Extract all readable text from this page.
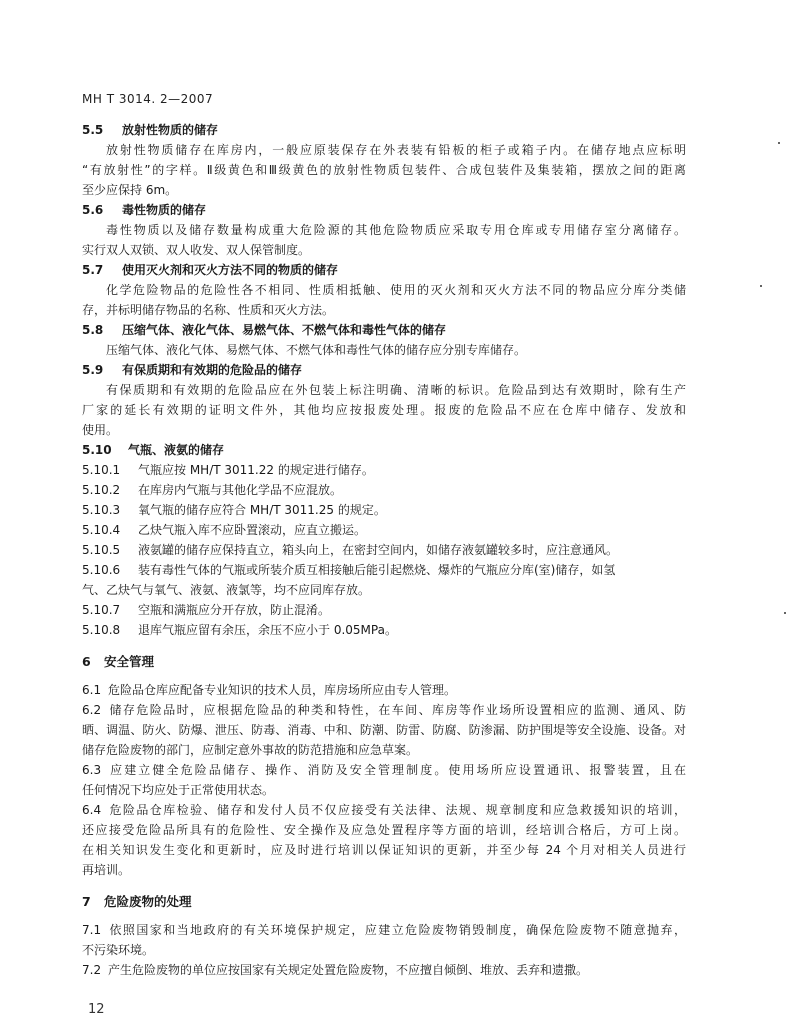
MH T 3014. 2—2007
5.5 放射性物质的储存
放射性物质储存在库房内，一般应原装保存在外表装有铅板的柜子或箱子内。在储存地点应标明
“有放射性”的字样。Ⅱ级黄色和Ⅲ级黄色的放射性物质包装件、合成包装件及集装箱，摆放之间的距离
至少应保持 6m。
5.6 毒性物质的储存
毒性物质以及储存数量构成重大危险源的其他危险物质应采取专用仓库或专用储存室分离储存。
实行双人双锁、双人收发、双人保管制度。
5.7 使用灭火剂和灭火方法不同的物质的储存
化学危险物品的危险性各不相同、性质相抵触、使用的灭火剂和灭火方法不同的物品应分库分类储
存，并标明储存物品的名称、性质和灭火方法。
5.8 压缩气体、液化气体、易燃气体、不燃气体和毒性气体的储存
压缩气体、液化气体、易燃气体、不燃气体和毒性气体的储存应分别专库储存。
5.9 有保质期和有效期的危险品的储存
有保质期和有效期的危险品应在外包装上标注明确、清晰的标识。危险品到达有效期时，除有生产
厂家的延长有效期的证明文件外，其他均应按报废处理。报废的危险品不应在仓库中储存、发放和
使用。
5.10 气瓶、液氨的储存
5.10.1 气瓶应按 MH/T 3011.22 的规定进行储存。
5.10.2 在库房内气瓶与其他化学品不应混放。
5.10.3 氧气瓶的储存应符合 MH/T 3011.25 的规定。
5.10.4 乙炔气瓶入库不应卧置滚动，应直立搬运。
5.10.5 液氨罐的储存应保持直立，箱头向上，在密封空间内，如储存液氨罐较多时，应注意通风。
5.10.6 装有毒性气体的气瓶或所装介质互相接触后能引起燃烧、爆炸的气瓶应分库(室)储存，如氢
气、乙炔气与氧气、液氨、液氯等，均不应同库存放。
5.10.7 空瓶和满瓶应分开存放，防止混淆。
5.10.8 退库气瓶应留有余压，余压不应小于 0.05MPa。
6 安全管理
6.1 危险品仓库应配备专业知识的技术人员，库房场所应由专人管理。
6.2 储存危险品时，应根据危险品的种类和特性，在车间、库房等作业场所设置相应的监测、通风、防
晒、调温、防火、防爆、泄压、防毒、消毒、中和、防潮、防雷、防腐、防渗漏、防护围堤等安全设施、设备。对
储存危险废物的部门，应制定意外事故的防范措施和应急草案。
6.3 应建立健全危险品储存、操作、消防及安全管理制度。使用场所应设置通讯、报警装置，且在
任何情况下均应处于正常使用状态。
6.4 危险品仓库检验、储存和发付人员不仅应接受有关法律、法规、规章制度和应急救援知识的培训，
还应接受危险品所具有的危险性、安全操作及应急处置程序等方面的培训，经培训合格后，方可上岗。
在相关知识发生变化和更新时，应及时进行培训以保证知识的更新，并至少每 24 个月对相关人员进行
再培训。
7 危险废物的处理
7.1 依照国家和当地政府的有关环境保护规定，应建立危险废物销毁制度，确保危险废物不随意抛弃，
不污染环境。
7.2 产生危险废物的单位应按国家有关规定处置危险废物，不应擅自倾倒、堆放、丢弃和遗撒。
12
